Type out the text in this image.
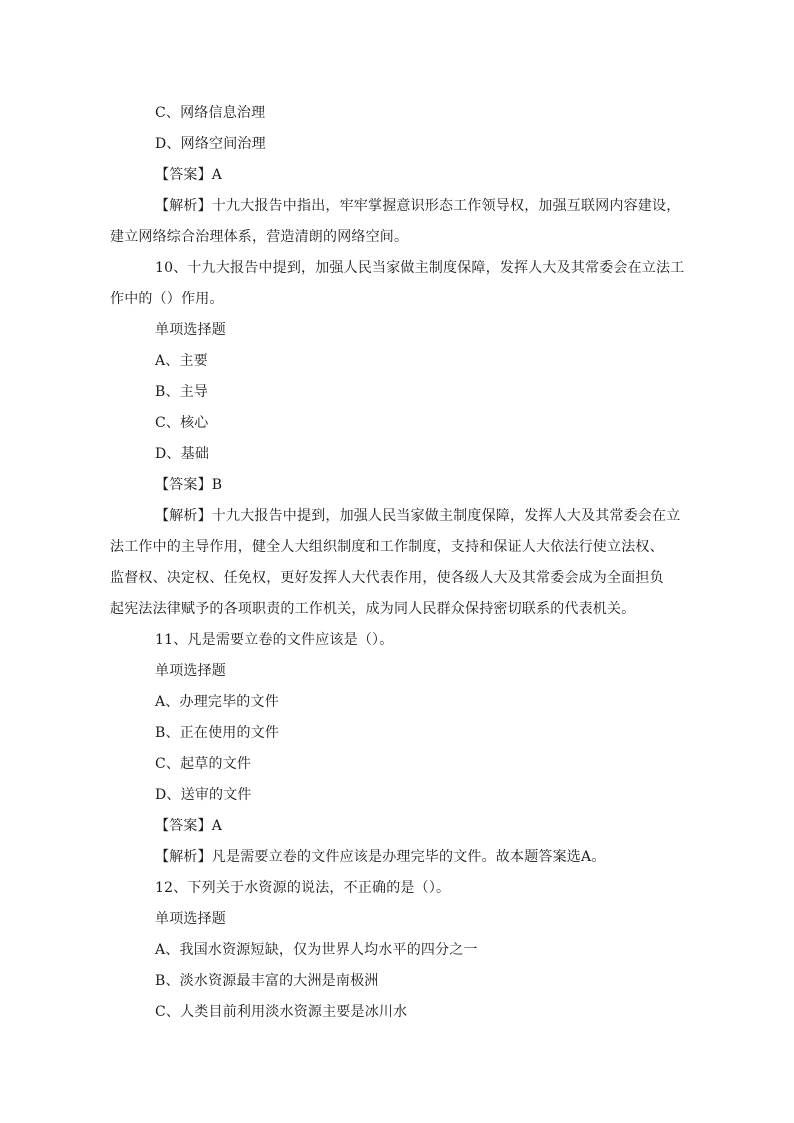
C、网络信息治理
D、网络空间治理
【答案】A
【解析】十九大报告中指出，牢牢掌握意识形态工作领导权，加强互联网内容建设，
建立网络综合治理体系，营造清朗的网络空间。
10、十九大报告中提到，加强人民当家做主制度保障，发挥人大及其常委会在立法工
作中的（）作用。
单项选择题
A、主要
B、主导
C、核心
D、基础
【答案】B
【解析】十九大报告中提到，加强人民当家做主制度保障，发挥人大及其常委会在立
法工作中的主导作用，健全人大组织制度和工作制度，支持和保证人大依法行使立法权、
监督权、决定权、任免权，更好发挥人大代表作用，使各级人大及其常委会成为全面担负
起宪法法律赋予的各项职责的工作机关，成为同人民群众保持密切联系的代表机关。
11、凡是需要立卷的文件应该是（）。
单项选择题
A、办理完毕的文件
B、正在使用的文件
C、起草的文件
D、送审的文件
【答案】A
【解析】凡是需要立卷的文件应该是办理完毕的文件。故本题答案选A。
12、下列关于水资源的说法，不正确的是（）。
单项选择题
A、我国水资源短缺，仅为世界人均水平的四分之一
B、淡水资源最丰富的大洲是南极洲
C、人类目前利用淡水资源主要是冰川水
